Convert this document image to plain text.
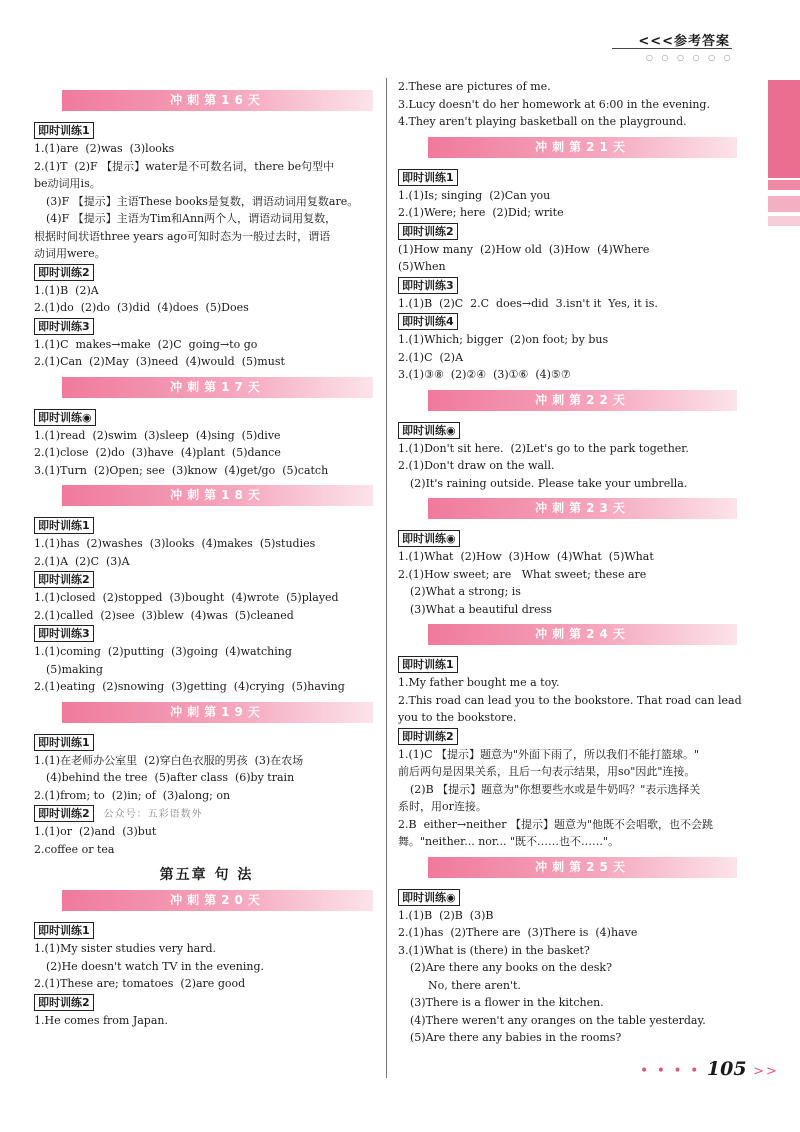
<<<参考答案
○ ○ ○ ○ ○ ○
冲刺第16天
即时训练1
1.(1)are  (2)was  (3)looks
2.(1)T  (2)F 【提示】water是不可数名词，there be句型中
be动词用is。
(3)F 【提示】主语These books是复数，谓语动词用复数are。
(4)F 【提示】主语为Tim和Ann两个人，谓语动词用复数，
根据时间状语three years ago可知时态为一般过去时，谓语
动词用were。
即时训练2
1.(1)B  (2)A
2.(1)do  (2)do  (3)did  (4)does  (5)Does
即时训练3
1.(1)C  makes→make  (2)C  going→to go
2.(1)Can  (2)May  (3)need  (4)would  (5)must
冲刺第17天
即时训练◉
1.(1)read  (2)swim  (3)sleep  (4)sing  (5)dive
2.(1)close  (2)do  (3)have  (4)plant  (5)dance
3.(1)Turn  (2)Open; see  (3)know  (4)get/go  (5)catch
冲刺第18天
即时训练1
1.(1)has  (2)washes  (3)looks  (4)makes  (5)studies
2.(1)A  (2)C  (3)A
即时训练2
1.(1)closed  (2)stopped  (3)bought  (4)wrote  (5)played
2.(1)called  (2)see  (3)blew  (4)was  (5)cleaned
即时训练3
1.(1)coming  (2)putting  (3)going  (4)watching
(5)making
2.(1)eating  (2)snowing  (3)getting  (4)crying  (5)having
冲刺第19天
即时训练1
1.(1)在老师办公室里  (2)穿白色衣服的男孩  (3)在农场
(4)behind the tree  (5)after class  (6)by train
2.(1)from; to  (2)in; of  (3)along; on
即时训练2 公众号：五彩语数外
1.(1)or  (2)and  (3)but
2.coffee or tea
第五章 句 法
冲刺第20天
即时训练1
1.(1)My sister studies very hard.
(2)He doesn't watch TV in the evening.
2.(1)These are; tomatoes  (2)are good
即时训练2
1.He comes from Japan.
2.These are pictures of me.
3.Lucy doesn't do her homework at 6:00 in the evening.
4.They aren't playing basketball on the playground.
冲刺第21天
即时训练1
1.(1)Is; singing  (2)Can you
2.(1)Were; here  (2)Did; write
即时训练2
(1)How many  (2)How old  (3)How  (4)Where
(5)When
即时训练3
1.(1)B  (2)C  2.C  does→did  3.isn't it  Yes, it is.
即时训练4
1.(1)Which; bigger  (2)on foot; by bus
2.(1)C  (2)A
3.(1)③⑧  (2)②④  (3)①⑥  (4)⑤⑦
冲刺第22天
即时训练◉
1.(1)Don't sit here.  (2)Let's go to the park together.
2.(1)Don't draw on the wall.
(2)It's raining outside. Please take your umbrella.
冲刺第23天
即时训练◉
1.(1)What  (2)How  (3)How  (4)What  (5)What
2.(1)How sweet; are   What sweet; these are
(2)What a strong; is
(3)What a beautiful dress
冲刺第24天
即时训练1
1.My father bought me a toy.
2.This road can lead you to the bookstore. That road can lead
you to the bookstore.
即时训练2
1.(1)C 【提示】题意为"外面下雨了，所以我们不能打篮球。"
前后两句是因果关系，且后一句表示结果，用so"因此"连接。
(2)B 【提示】题意为"你想要些水或是牛奶吗？"表示选择关
系时，用or连接。
2.B  either→neither 【提示】题意为"他既不会唱歌，也不会跳
舞。"neither... nor... "既不……也不……"。
冲刺第25天
即时训练◉
1.(1)B  (2)B  (3)B
2.(1)has  (2)There are  (3)There is  (4)have
3.(1)What is (there) in the basket?
(2)Are there any books on the desk?
No, there aren't.
(3)There is a flower in the kitchen.
(4)There weren't any oranges on the table yesterday.
(5)Are there any babies in the rooms?
• • • • 105 >>
